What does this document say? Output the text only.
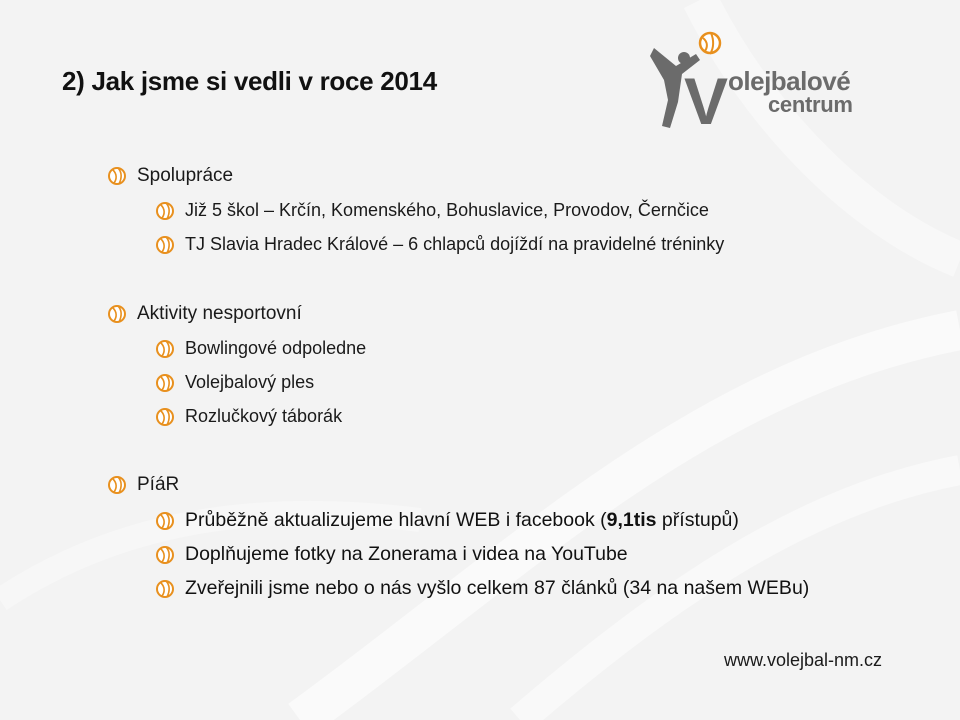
2) Jak jsme si vedli v roce 2014	V olejbalové
centrum
Spolupráce
Již 5 škol – Krčín, Komenského, Bohuslavice, Provodov, Černčice
TJ Slavia Hradec Králové – 6 chlapců dojíždí na pravidelné tréninky
Aktivity nesportovní
Bowlingové odpoledne
Volejbalový ples
Rozlučkový táborák
PíáR
Průběžně aktualizujeme hlavní WEB i facebook (9,1tis přístupů)
Doplňujeme fotky na Zonerama i videa na YouTube
Zveřejnili jsme nebo o nás vyšlo celkem 87 článků (34 na našem WEBu)
www.volejbal-nm.cz
